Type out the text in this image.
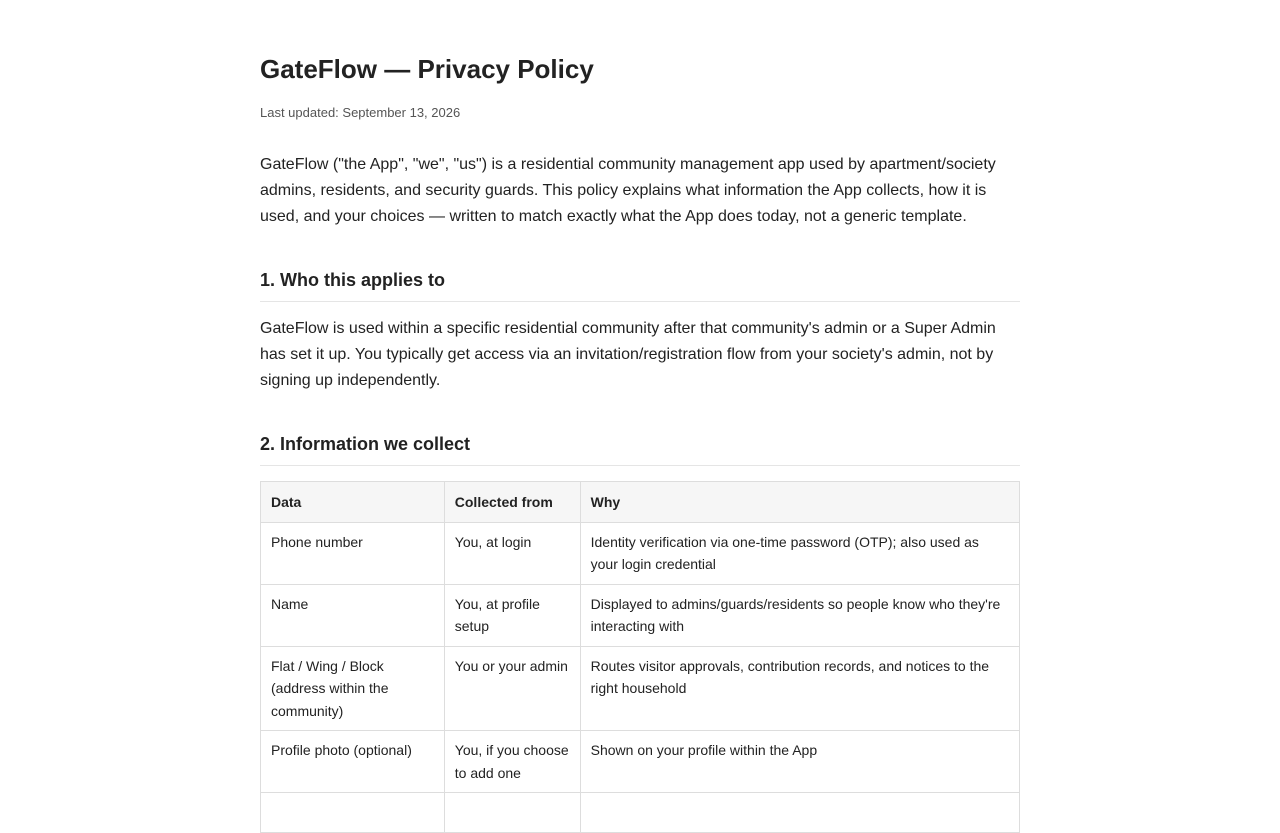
GateFlow — Privacy Policy
Last updated: September 13, 2026

GateFlow ("the App", "we", "us") is a residential community management app used by apartment/society admins, residents, and security guards. This policy explains what information the App collects, how it is used, and your choices — written to match exactly what the App does today, not a generic template.

1. Who this applies to

GateFlow is used within a specific residential community after that community's admin or a Super Admin has set it up. You typically get access via an invitation/registration flow from your society's admin, not by signing up independently.

2. Information we collect
Data	Collected from	Why
Phone number	You, at login	Identity verification via one-time password (OTP); also used as your login credential
Name	You, at profile setup	Displayed to admins/guards/residents so people know who they're interacting with
Flat / Wing / Block (address within the community)	You or your admin	Routes visitor approvals, contribution records, and notices to the right household
Profile photo (optional)	You, if you choose to add one	Shown on your profile within the App
